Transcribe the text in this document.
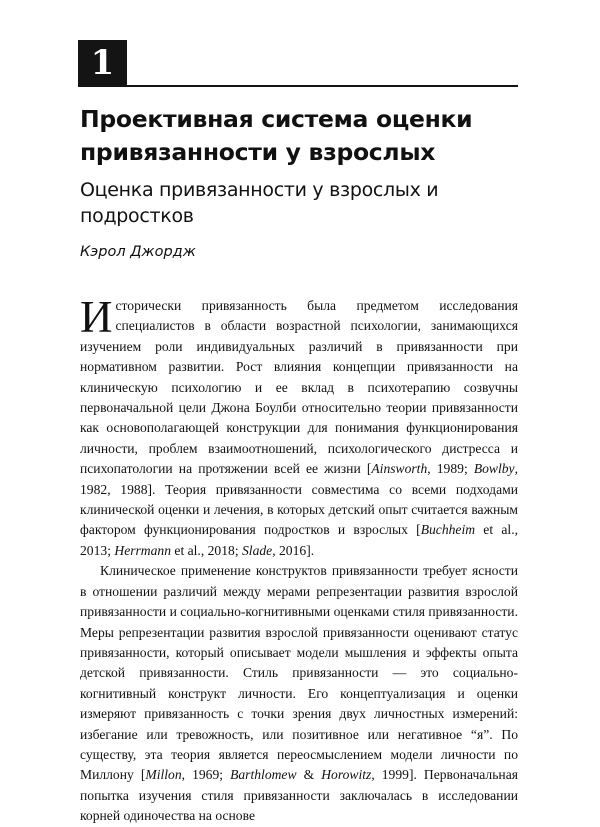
1
Проективная система оценки привязанности у взрослых
Оценка привязанности у взрослых и подростков

Кэрол Джордж

Исторически привязанность была предметом исследования специалистов в области возрастной психологии, занимающихся изучением роли индивидуальных различий в привязанности при нормативном развитии. Рост влияния концепции привязанности на клиническую психологию и ее вклад в психотерапию созвучны первоначальной цели Джона Боулби относительно теории привязанности как основополагающей конструкции для понимания функционирования личности, проблем взаимоотношений, психологического дистресса и психопатологии на протяжении всей ее жизни [Ainsworth, 1989; Bowlby, 1982, 1988]. Теория привязанности совместима со всеми подходами клинической оценки и лечения, в которых детский опыт считается важным фактором функционирования подростков и взрослых [Buchheim et al., 2013; Herrmann et al., 2018; Slade, 2016].

Клиническое применение конструктов привязанности требует ясности в отношении различий между мерами репрезентации развития взрослой привязанности и социально-когнитивными оценками стиля привязанности. Меры репрезентации развития взрослой привязанности оценивают статус привязанности, который описывает модели мышления и эффекты опыта детской привязанности. Стиль привязанности — это социально-когнитивный конструкт личности. Его концептуализация и оценки измеряют привязанность с точки зрения двух личностных измерений: избегание или тревожность, или позитивное или негативное “я”. По существу, эта теория является переосмыслением модели личности по Миллону [Millon, 1969; Barthlomew & Horowitz, 1999]. Первоначальная попытка изучения стиля привязанности заключалась в исследовании корней одиночества на основе
